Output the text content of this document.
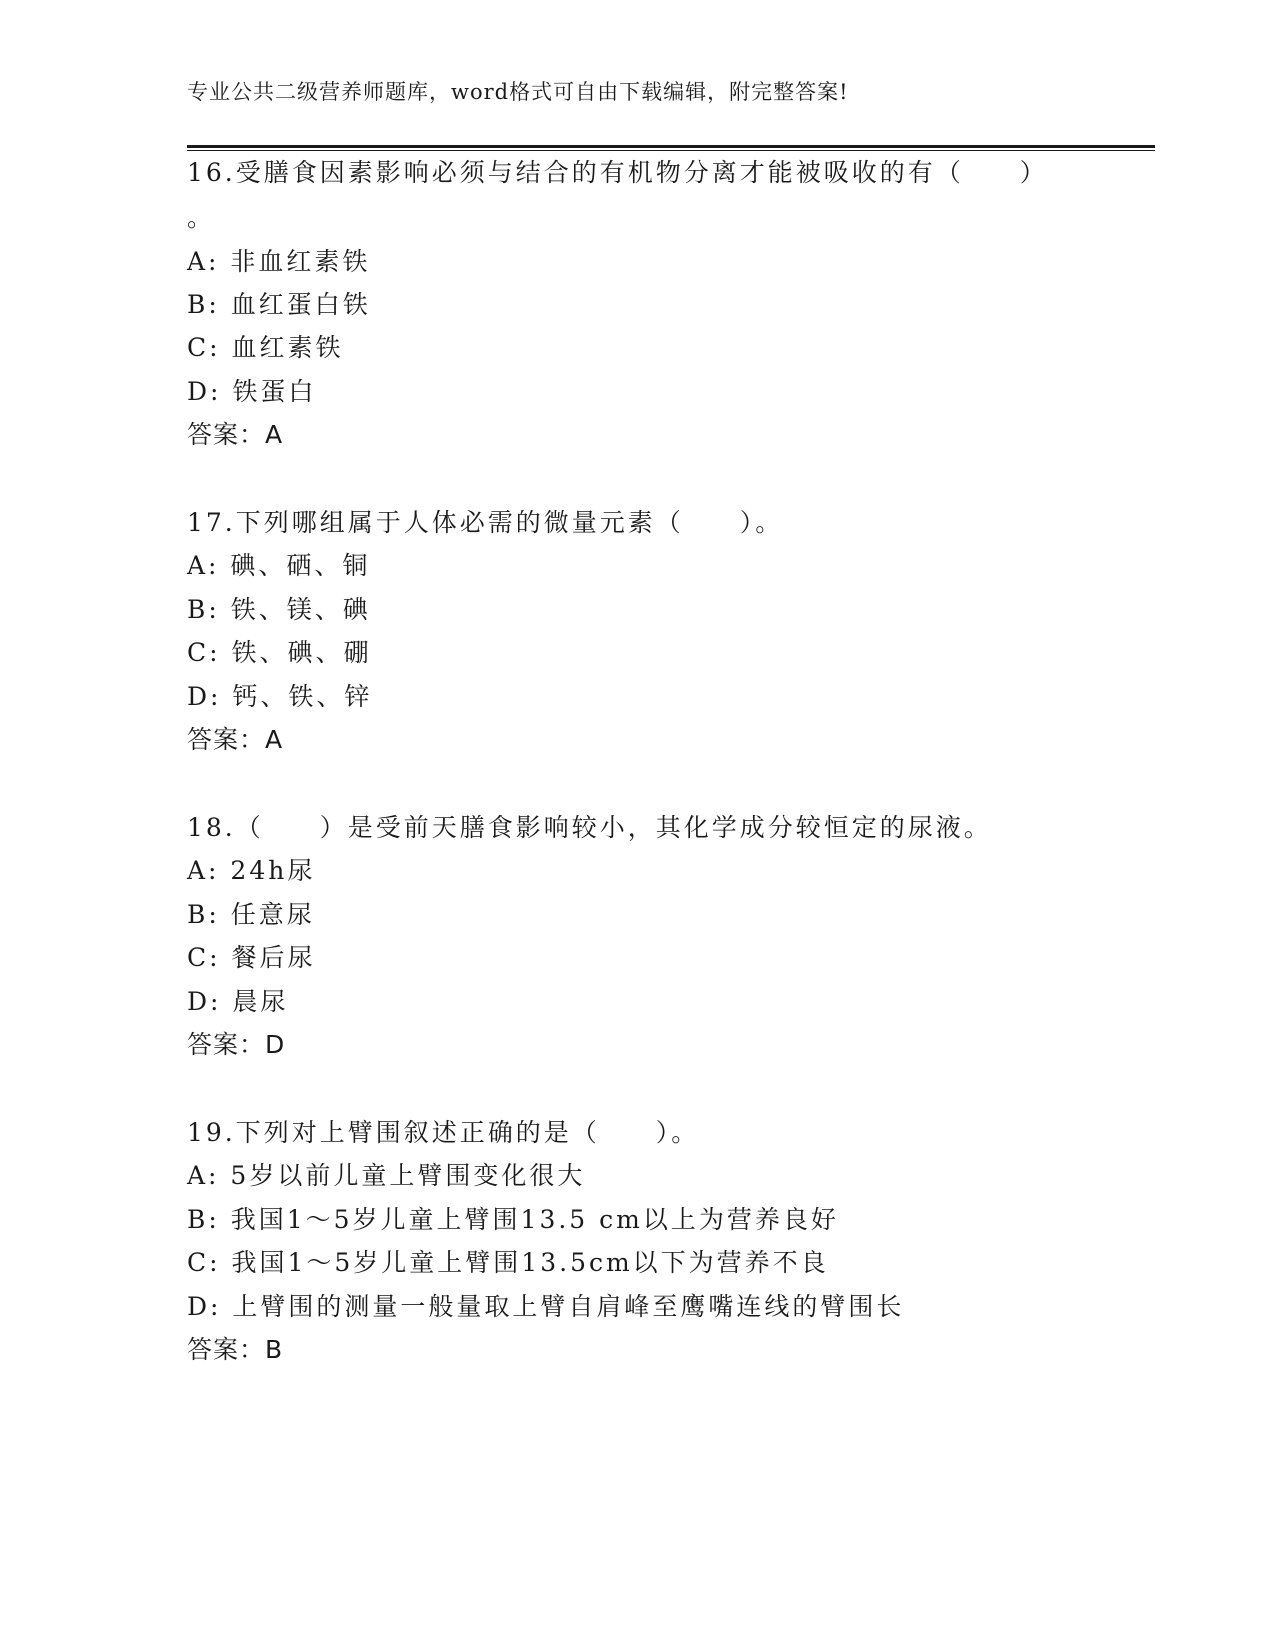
专业公共二级营养师题库，word格式可自由下载编辑，附完整答案!
16.受膳食因素影响必须与结合的有机物分离才能被吸收的有（　　）
。
A: 非血红素铁
B: 血红蛋白铁
C: 血红素铁
D: 铁蛋白
答案：A
17.下列哪组属于人体必需的微量元素（　　）。
A: 碘、硒、铜
B: 铁、镁、碘
C: 铁、碘、硼
D: 钙、铁、锌
答案：A
18.（　　）是受前天膳食影响较小，其化学成分较恒定的尿液。
A: 24h尿
B: 任意尿
C: 餐后尿
D: 晨尿
答案：D
19.下列对上臂围叙述正确的是（　　）。
A: 5岁以前儿童上臂围变化很大
B: 我国1～5岁儿童上臂围13.5 cm以上为营养良好
C: 我国1～5岁儿童上臂围13.5cm以下为营养不良
D: 上臂围的测量一般量取上臂自肩峰至鹰嘴连线的臂围长
答案：B
